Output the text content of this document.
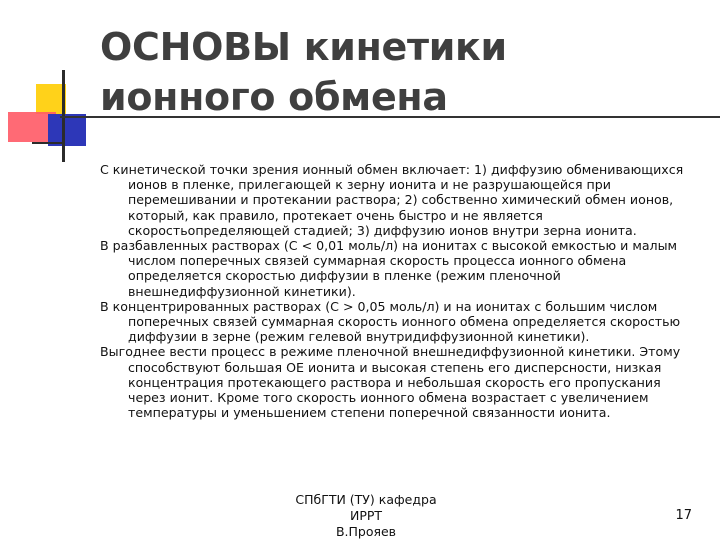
ОСНОВЫ кинетики
ионного обмена

С кинетической точки зрения ионный обмен включает: 1) диффузию обменивающихся ионов в пленке, прилегающей к зерну ионита и не разрушающейся при перемешивании и протекании раствора; 2) собственно химический обмен ионов, который, как правило, протекает очень быстро и не является скоростьопределяющей стадией; 3) диффузию ионов внутри зерна ионита.

В разбавленных растворах (С < 0,01 моль/л) на ионитах с высокой емкостью и малым числом поперечных связей суммарная скорость процесса ионного обмена определяется скоростью диффузии в пленке (режим пленочной внешнедиффузионной кинетики).

В концентрированных растворах (С > 0,05 моль/л) и на ионитах с большим числом поперечных связей суммарная скорость ионного обмена определяется скоростью диффузии в зерне (режим гелевой внутридиффузионной кинетики).

Выгоднее вести процесс в режиме пленочной внешнедиффузионной кинетики. Этому способствуют большая ОЕ ионита и высокая степень его дисперсности, низкая концентрация протекающего раствора и небольшая скорость его пропускания через ионит. Кроме того скорость ионного обмена возрастает с увеличением температуры и уменьшением степени поперечной связанности ионита.

СПбГТИ (ТУ) кафедра ИРРТ
В.Прояев
17
